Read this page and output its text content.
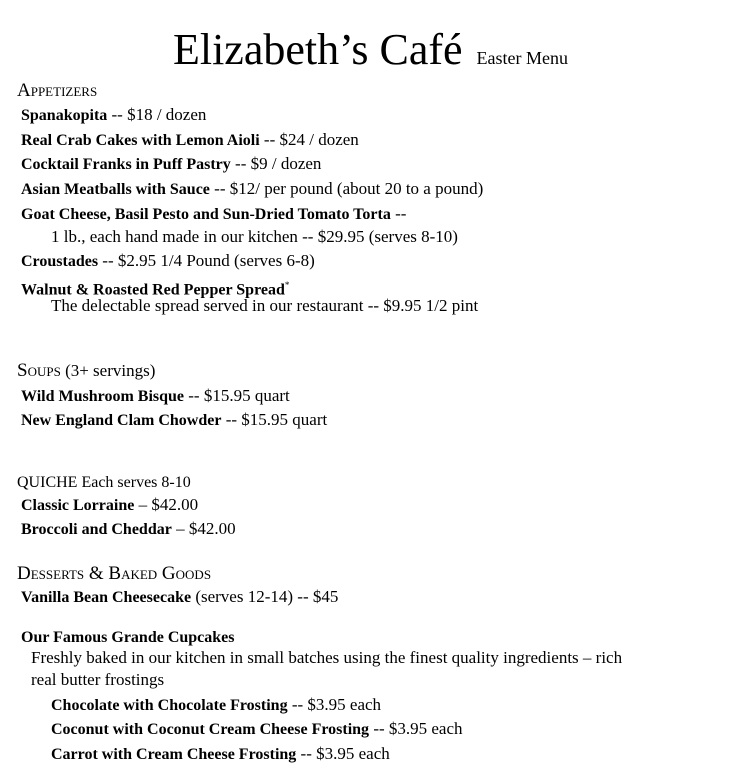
Elizabeth’s Café Easter Menu
Appetizers
Spanakopita -- $18 / dozen
Real Crab Cakes with Lemon Aioli -- $24 / dozen
Cocktail Franks in Puff Pastry -- $9 / dozen
Asian Meatballs with Sauce -- $12/ per pound (about 20 to a pound)
Goat Cheese, Basil Pesto and Sun-Dried Tomato Torta --
1 lb., each hand made in our kitchen -- $29.95 (serves 8-10)
Croustades -- $2.95 1/4 Pound (serves 6-8)
Walnut & Roasted Red Pepper Spread*
The delectable spread served in our restaurant -- $9.95 1/2 pint
Soups (3+ servings)
Wild Mushroom Bisque -- $15.95 quart
New England Clam Chowder -- $15.95 quart
QUICHE Each serves 8-10
Classic Lorraine – $42.00
Broccoli and Cheddar – $42.00
Desserts & Baked Goods
Vanilla Bean Cheesecake (serves 12-14) -- $45
Our Famous Grande Cupcakes
Freshly baked in our kitchen in small batches using the finest quality ingredients – rich
real butter frostings
Chocolate with Chocolate Frosting -- $3.95 each
Coconut with Coconut Cream Cheese Frosting -- $3.95 each
Carrot with Cream Cheese Frosting -- $3.95 each
